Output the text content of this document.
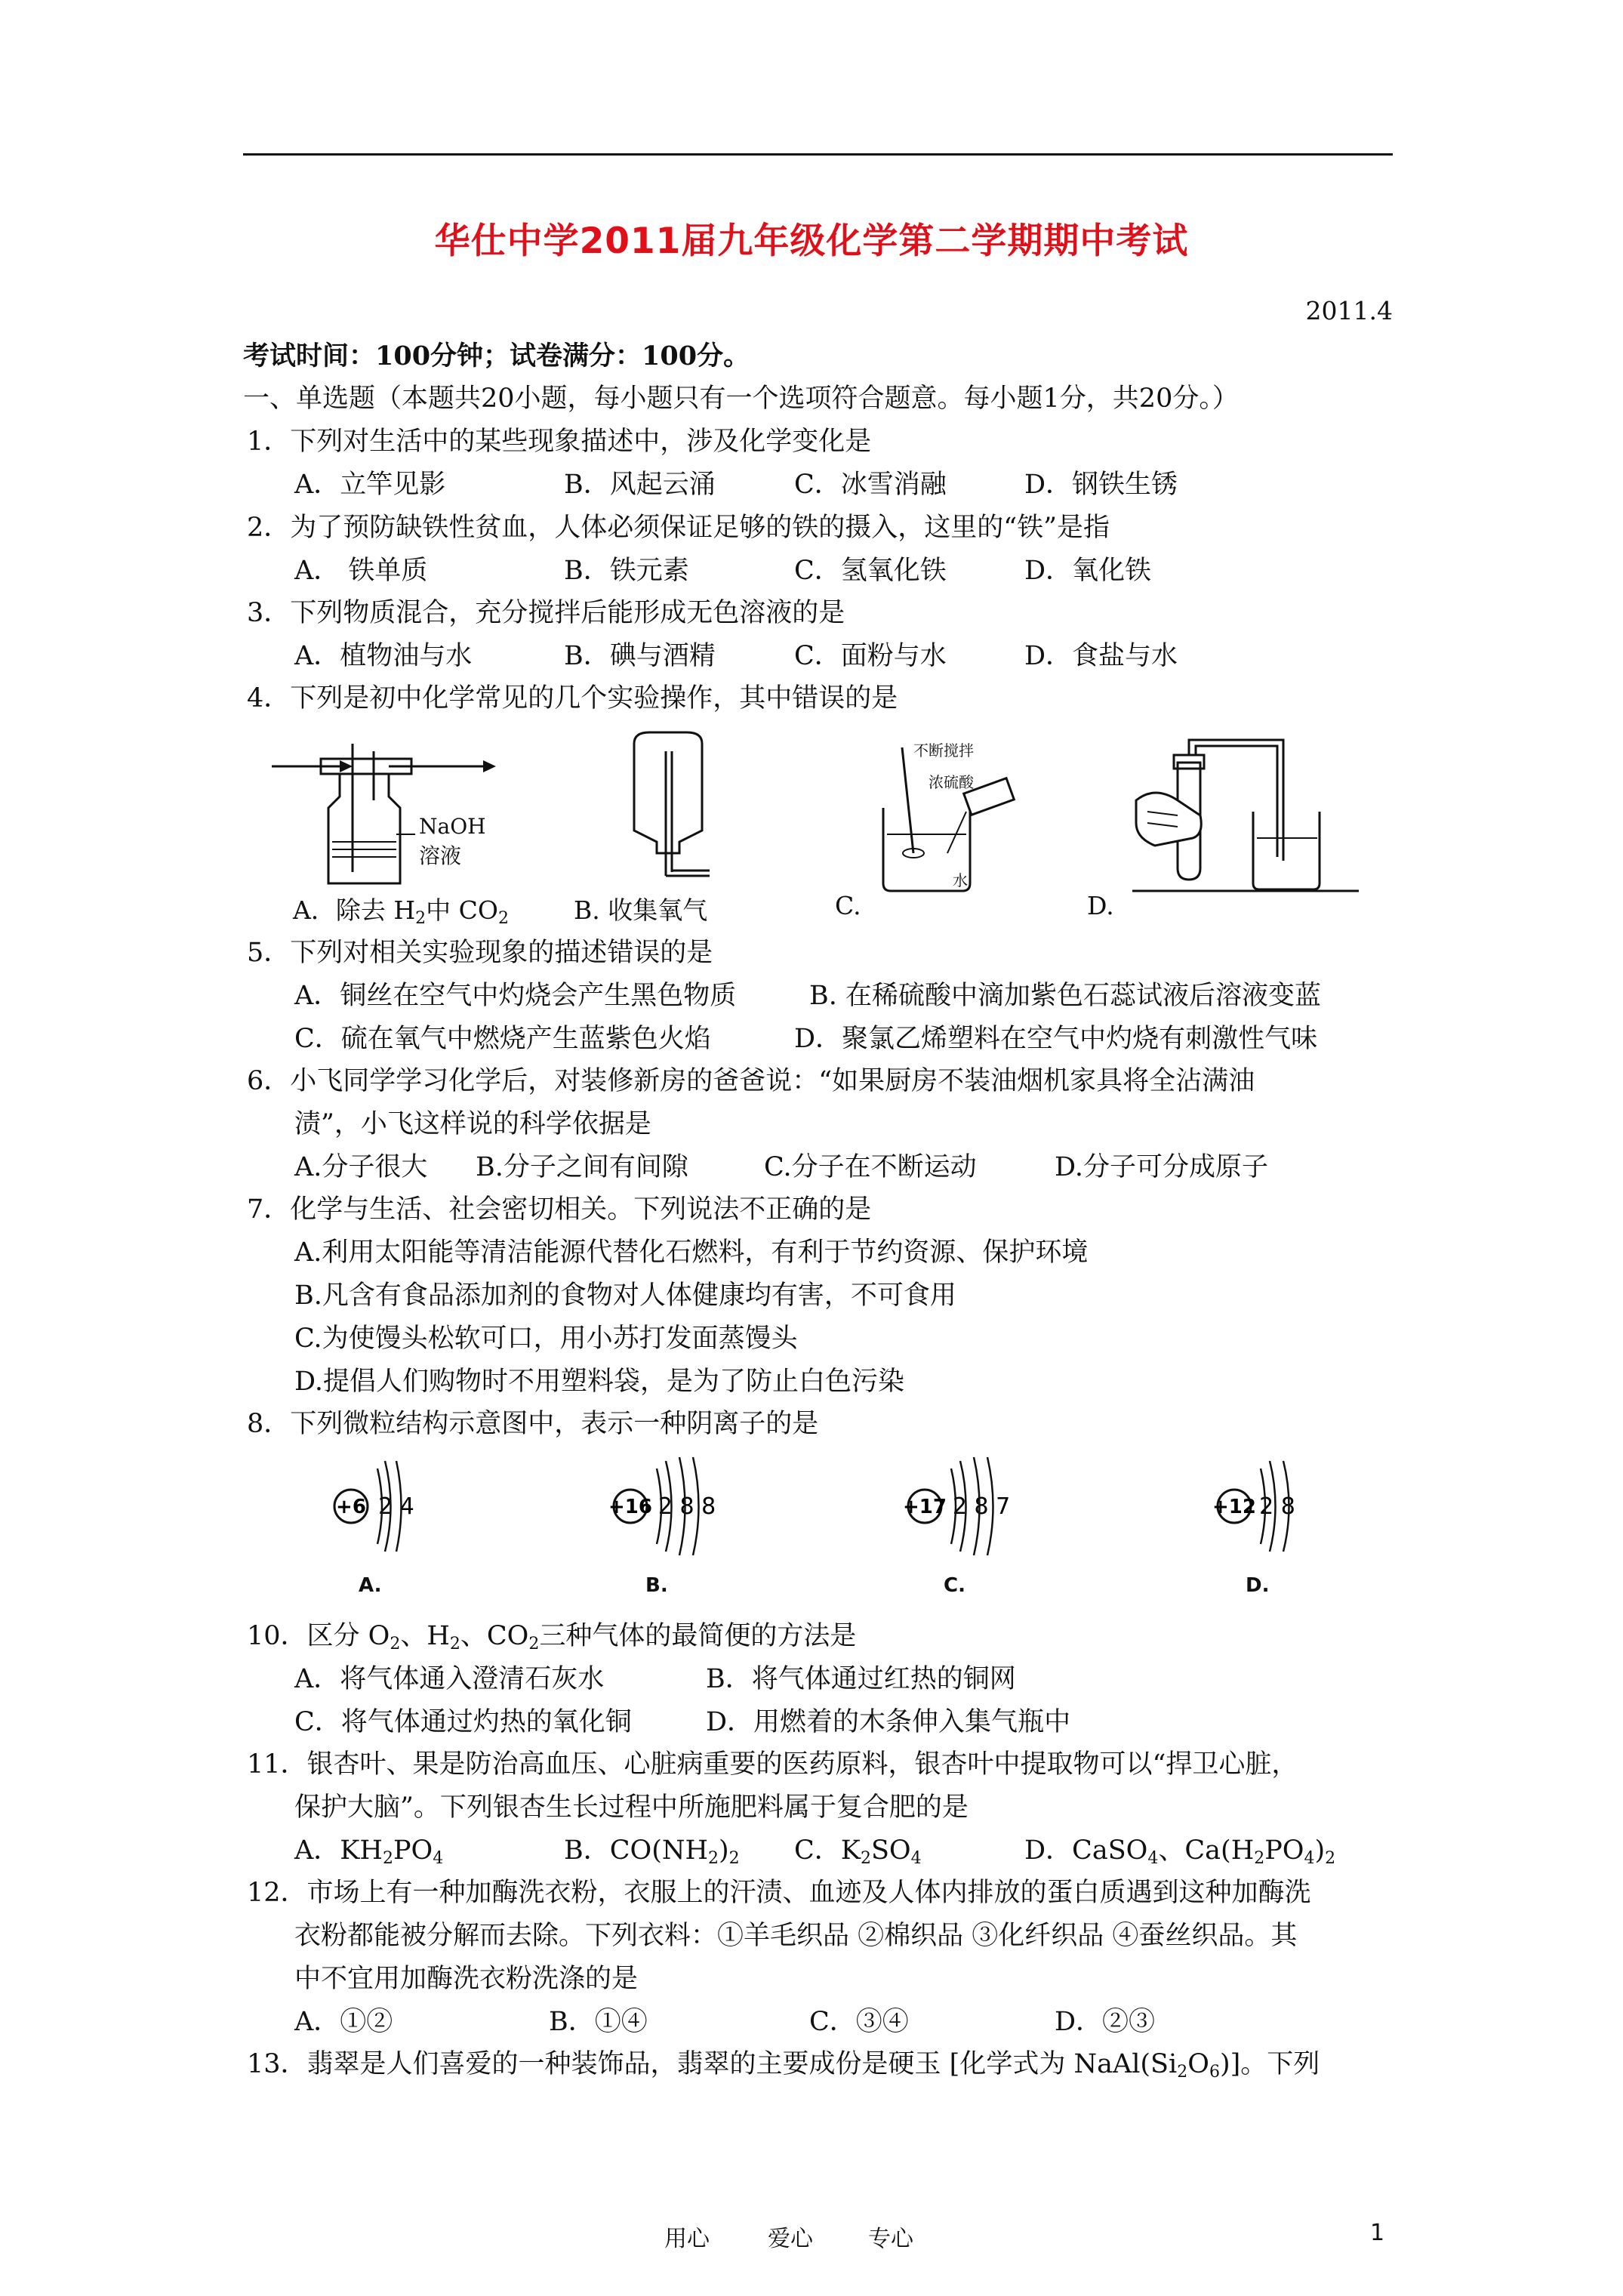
华仕中学2011届九年级化学第二学期期中考试
2011.4
考试时间：100分钟；试卷满分：100分。
一、单选题（本题共20小题，每小题只有一个选项符合题意。每小题1分，共20分。）
1．下列对生活中的某些现象描述中，涉及化学变化是
A．立竿见影	B．风起云涌	C．冰雪消融	D．钢铁生锈
2．为了预防缺铁性贫血，人体必须保证足够的铁的摄入，这里的“铁”是指
A． 铁单质	B．铁元素	C．氢氧化铁	D．氧化铁
3．下列物质混合，充分搅拌后能形成无色溶液的是
A．植物油与水	B．碘与酒精	C．面粉与水	D．食盐与水
4．下列是初中化学常见的几个实验操作，其中错误的是
NaOH
溶液
A．除去 $H_2$中 $CO_2$	B. 收集氧气
不断搅拌
浓硫酸
水
C.	D.
5．下列对相关实验现象的描述错误的是
A．铜丝在空气中灼烧会产生黑色物质	B. 在稀硫酸中滴加紫色石蕊试液后溶液变蓝
C．硫在氧气中燃烧产生蓝紫色火焰	D．聚氯乙烯塑料在空气中灼烧有刺激性气味
6．小飞同学学习化学后，对装修新房的爸爸说：“如果厨房不装油烟机家具将全沾满油
渍”，小飞这样说的科学依据是
A.分子很大 B.分子之间有间隙	C.分子在不断运动	D.分子可分成原子
7．化学与生活、社会密切相关。下列说法不正确的是
A.利用太阳能等清洁能源代替化石燃料，有利于节约资源、保护环境
B.凡含有食品添加剂的食物对人体健康均有害，不可食用
C.为使馒头松软可口，用小苏打发面蒸馒头
D.提倡人们购物时不用塑料袋，是为了防止白色污染
8．下列微粒结构示意图中，表示一种阴离子的是
+6 2 4	+16 2 8 8	+17 2 8 7	+12 2 8
A.	B.	C.	D.
10．区分 $O_2$、$H_2$、$CO_2$三种气体的最简便的方法是
A．将气体通入澄清石灰水	B．将气体通过红热的铜网
C．将气体通过灼热的氧化铜	D．用燃着的木条伸入集气瓶中
11．银杏叶、果是防治高血压、心脏病重要的医药原料，银杏叶中提取物可以“捍卫心脏，
保护大脑”。下列银杏生长过程中所施肥料属于复合肥的是
A．$KH_2PO_4$	B．$CO(NH_2)_2$ C．$K_2SO_4$	D．CaSO$_4$、$Ca(H_2PO_4)_2$
12．市场上有一种加酶洗衣粉，衣服上的汗渍、血迹及人体内排放的蛋白质遇到这种加酶洗
衣粉都能被分解而去除。下列衣料：①羊毛织品 ②棉织品 ③化纤织品 ④蚕丝织品。其
中不宜用加酶洗衣粉洗涤的是
A．①②	B．①④	C．③④	D．②③
13．翡翠是人们喜爱的一种装饰品，翡翠的主要成份是硬玉 [化学式为 $NaAl(Si_2O_6)$]。下列
用心	爱心 专心	1
